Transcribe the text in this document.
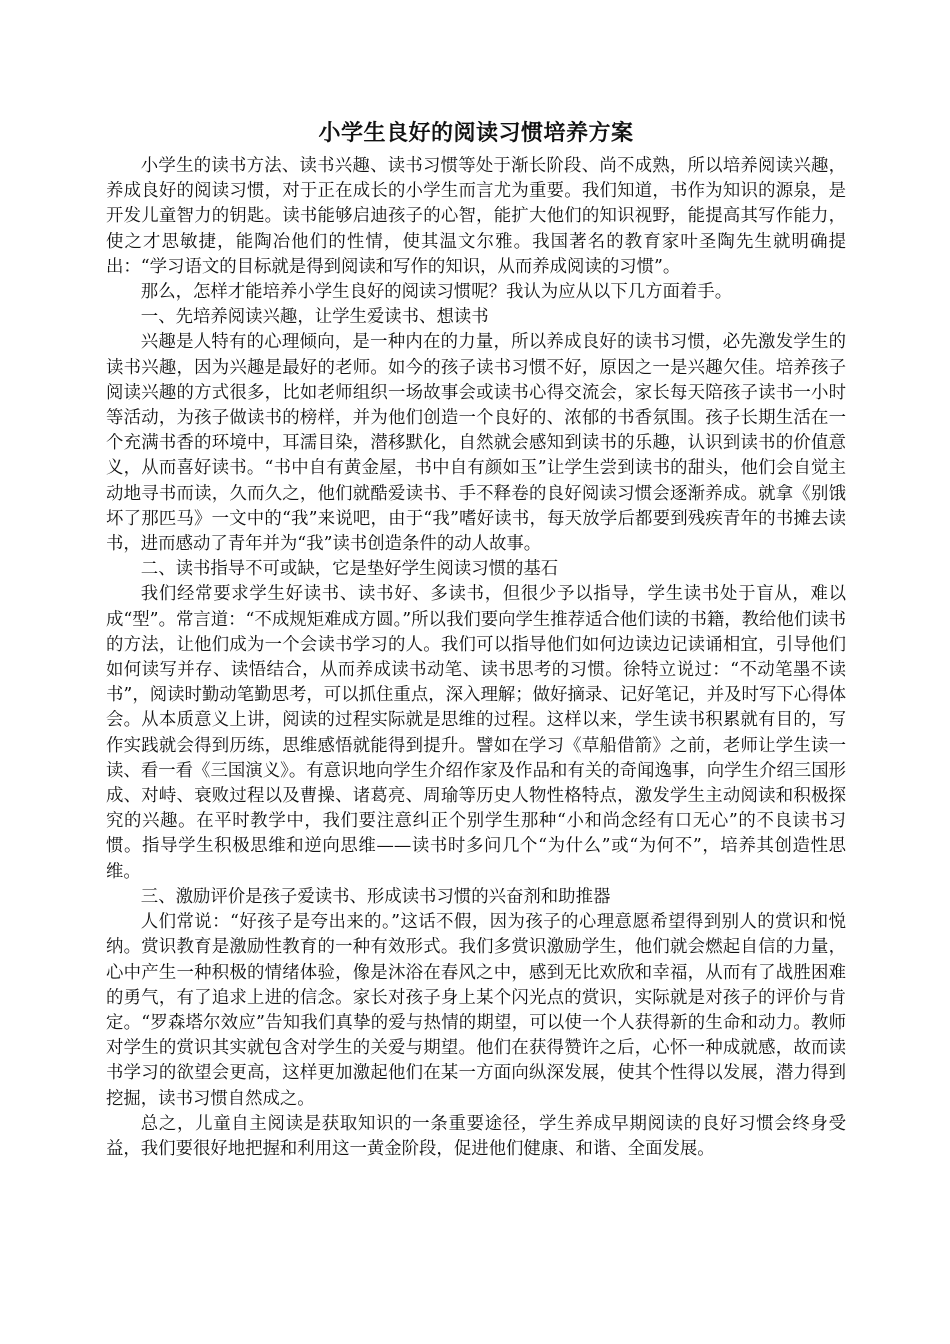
小学生良好的阅读习惯培养方案

小学生的读书方法、读书兴趣、读书习惯等处于渐长阶段、尚不成熟，所以培养阅读兴趣，养成良好的阅读习惯，对于正在成长的小学生而言尤为重要。我们知道，书作为知识的源泉，是开发儿童智力的钥匙。读书能够启迪孩子的心智，能扩大他们的知识视野，能提高其写作能力，使之才思敏捷，能陶冶他们的性情，使其温文尔雅。我国著名的教育家叶圣陶先生就明确提出：“学习语文的目标就是得到阅读和写作的知识，从而养成阅读的习惯”。

那么，怎样才能培养小学生良好的阅读习惯呢？我认为应从以下几方面着手。

一、先培养阅读兴趣，让学生爱读书、想读书

兴趣是人特有的心理倾向，是一种内在的力量，所以养成良好的读书习惯，必先激发学生的读书兴趣，因为兴趣是最好的老师。如今的孩子读书习惯不好，原因之一是兴趣欠佳。培养孩子阅读兴趣的方式很多，比如老师组织一场故事会或读书心得交流会，家长每天陪孩子读书一小时等活动，为孩子做读书的榜样，并为他们创造一个良好的、浓郁的书香氛围。孩子长期生活在一个充满书香的环境中，耳濡目染，潜移默化，自然就会感知到读书的乐趣，认识到读书的价值意义，从而喜好读书。“书中自有黄金屋，书中自有颜如玉”让学生尝到读书的甜头，他们会自觉主动地寻书而读，久而久之，他们就酷爱读书、手不释卷的良好阅读习惯会逐渐养成。就拿《别饿坏了那匹马》一文中的“我”来说吧，由于“我”嗜好读书，每天放学后都要到残疾青年的书摊去读书，进而感动了青年并为“我”读书创造条件的动人故事。

二、读书指导不可或缺，它是垫好学生阅读习惯的基石

我们经常要求学生好读书、读书好、多读书，但很少予以指导，学生读书处于盲从，难以成“型”。常言道：“不成规矩难成方圆。”所以我们要向学生推荐适合他们读的书籍，教给他们读书的方法，让他们成为一个会读书学习的人。我们可以指导他们如何边读边记读诵相宜，引导他们如何读写并存、读悟结合，从而养成读书动笔、读书思考的习惯。徐特立说过：“不动笔墨不读书”，阅读时勤动笔勤思考，可以抓住重点，深入理解；做好摘录、记好笔记，并及时写下心得体会。从本质意义上讲，阅读的过程实际就是思维的过程。这样以来，学生读书积累就有目的，写作实践就会得到历练，思维感悟就能得到提升。譬如在学习《草船借箭》之前，老师让学生读一读、看一看《三国演义》。有意识地向学生介绍作家及作品和有关的奇闻逸事，向学生介绍三国形成、对峙、衰败过程以及曹操、诸葛亮、周瑜等历史人物性格特点，激发学生主动阅读和积极探究的兴趣。在平时教学中，我们要注意纠正个别学生那种“小和尚念经有口无心”的不良读书习惯。指导学生积极思维和逆向思维——读书时多问几个“为什么”或“为何不”，培养其创造性思维。

三、激励评价是孩子爱读书、形成读书习惯的兴奋剂和助推器

人们常说：“好孩子是夸出来的。”这话不假，因为孩子的心理意愿希望得到别人的赏识和悦纳。赏识教育是激励性教育的一种有效形式。我们多赏识激励学生，他们就会燃起自信的力量，心中产生一种积极的情绪体验，像是沐浴在春风之中，感到无比欢欣和幸福，从而有了战胜困难的勇气，有了追求上进的信念。家长对孩子身上某个闪光点的赏识，实际就是对孩子的评价与肯定。“罗森塔尔效应”告知我们真挚的爱与热情的期望，可以使一个人获得新的生命和动力。教师对学生的赏识其实就包含对学生的关爱与期望。他们在获得赞许之后，心怀一种成就感，故而读书学习的欲望会更高，这样更加激起他们在某一方面向纵深发展，使其个性得以发展，潜力得到挖掘，读书习惯自然成之。

总之，儿童自主阅读是获取知识的一条重要途径，学生养成早期阅读的良好习惯会终身受益，我们要很好地把握和利用这一黄金阶段，促进他们健康、和谐、全面发展。
